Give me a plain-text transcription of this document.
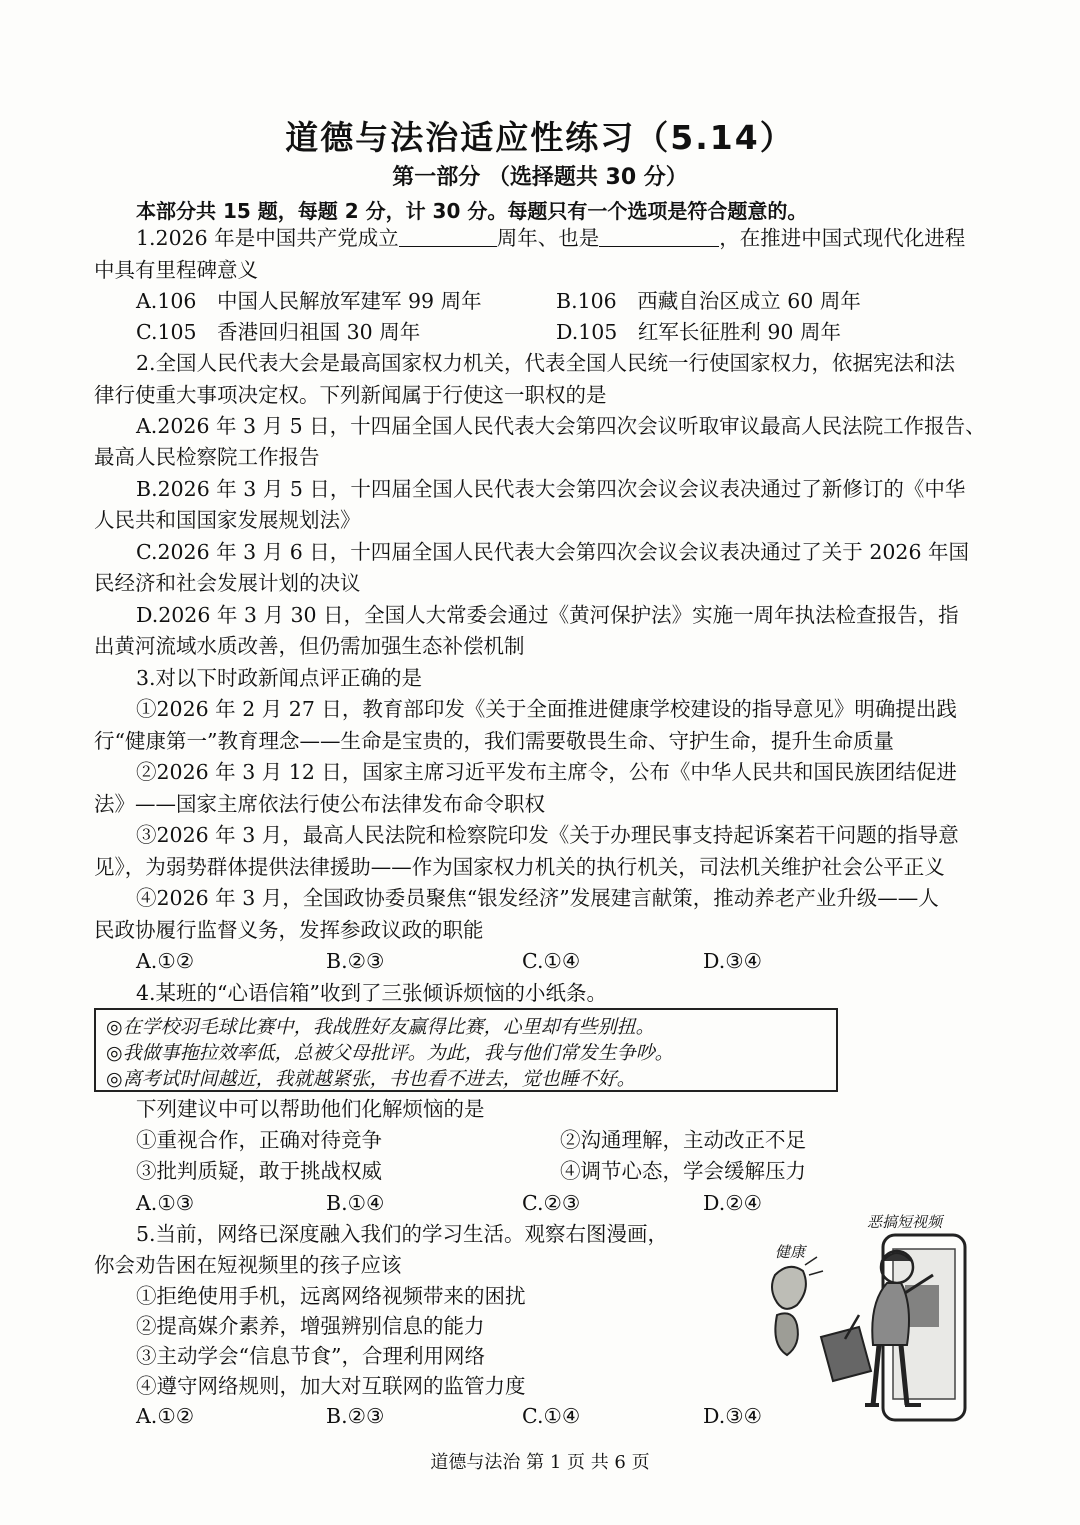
道德与法治适应性练习（5.14）
第一部分 （选择题共 30 分）
本部分共 15 题，每题 2 分，计 30 分。每题只有一个选项是符合题意的。
1.2026 年是中国共产党成立	周年、也是	，在推进中国式现代化进程
中具有里程碑意义
A.106　中国人民解放军建军 99 周年	B.106　西藏自治区成立 60 周年
C.105　香港回归祖国 30 周年	D.105　红军长征胜利 90 周年
2.全国人民代表大会是最高国家权力机关，代表全国人民统一行使国家权力，依据宪法和法
律行使重大事项决定权。下列新闻属于行使这一职权的是
A.2026 年 3 月 5 日，十四届全国人民代表大会第四次会议听取审议最高人民法院工作报告、
最高人民检察院工作报告
B.2026 年 3 月 5 日，十四届全国人民代表大会第四次会议会议表决通过了新修订的《中华
人民共和国国家发展规划法》
C.2026 年 3 月 6 日，十四届全国人民代表大会第四次会议会议表决通过了关于 2026 年国
民经济和社会发展计划的决议
D.2026 年 3 月 30 日，全国人大常委会通过《黄河保护法》实施一周年执法检查报告，指
出黄河流域水质改善，但仍需加强生态补偿机制
3.对以下时政新闻点评正确的是
①2026 年 2 月 27 日，教育部印发《关于全面推进健康学校建设的指导意见》明确提出践
行“健康第一”教育理念——生命是宝贵的，我们需要敬畏生命、守护生命，提升生命质量
②2026 年 3 月 12 日，国家主席习近平发布主席令，公布《中华人民共和国民族团结促进
法》——国家主席依法行使公布法律发布命令职权
③2026 年 3 月，最高人民法院和检察院印发《关于办理民事支持起诉案若干问题的指导意
见》，为弱势群体提供法律援助——作为国家权力机关的执行机关，司法机关维护社会公平正义
④2026 年 3 月，全国政协委员聚焦“银发经济”发展建言献策，推动养老产业升级——人
民政协履行监督义务，发挥参政议政的职能
A.①②	B.②③	C.①④	D.③④
4.某班的“心语信箱”收到了三张倾诉烦恼的小纸条。
◎在学校羽毛球比赛中，我战胜好友赢得比赛，心里却有些别扭。
◎我做事拖拉效率低，总被父母批评。为此，我与他们常发生争吵。
◎离考试时间越近，我就越紧张，书也看不进去，觉也睡不好。
下列建议中可以帮助他们化解烦恼的是
①重视合作，正确对待竞争	②沟通理解，主动改正不足
③批判质疑，敢于挑战权威	④调节心态，学会缓解压力
A.①③	B.①④	C.②③	D.②④
5.当前，网络已深度融入我们的学习生活。观察右图漫画，
你会劝告困在短视频里的孩子应该
①拒绝使用手机，远离网络视频带来的困扰
②提高媒介素养，增强辨别信息的能力
③主动学会“信息节食”，合理利用网络
④遵守网络规则，加大对互联网的监管力度
A.①②	B.②③	C.①④	D.③④
恶搞短视频
健康
道德与法治 第 1 页 共 6 页
